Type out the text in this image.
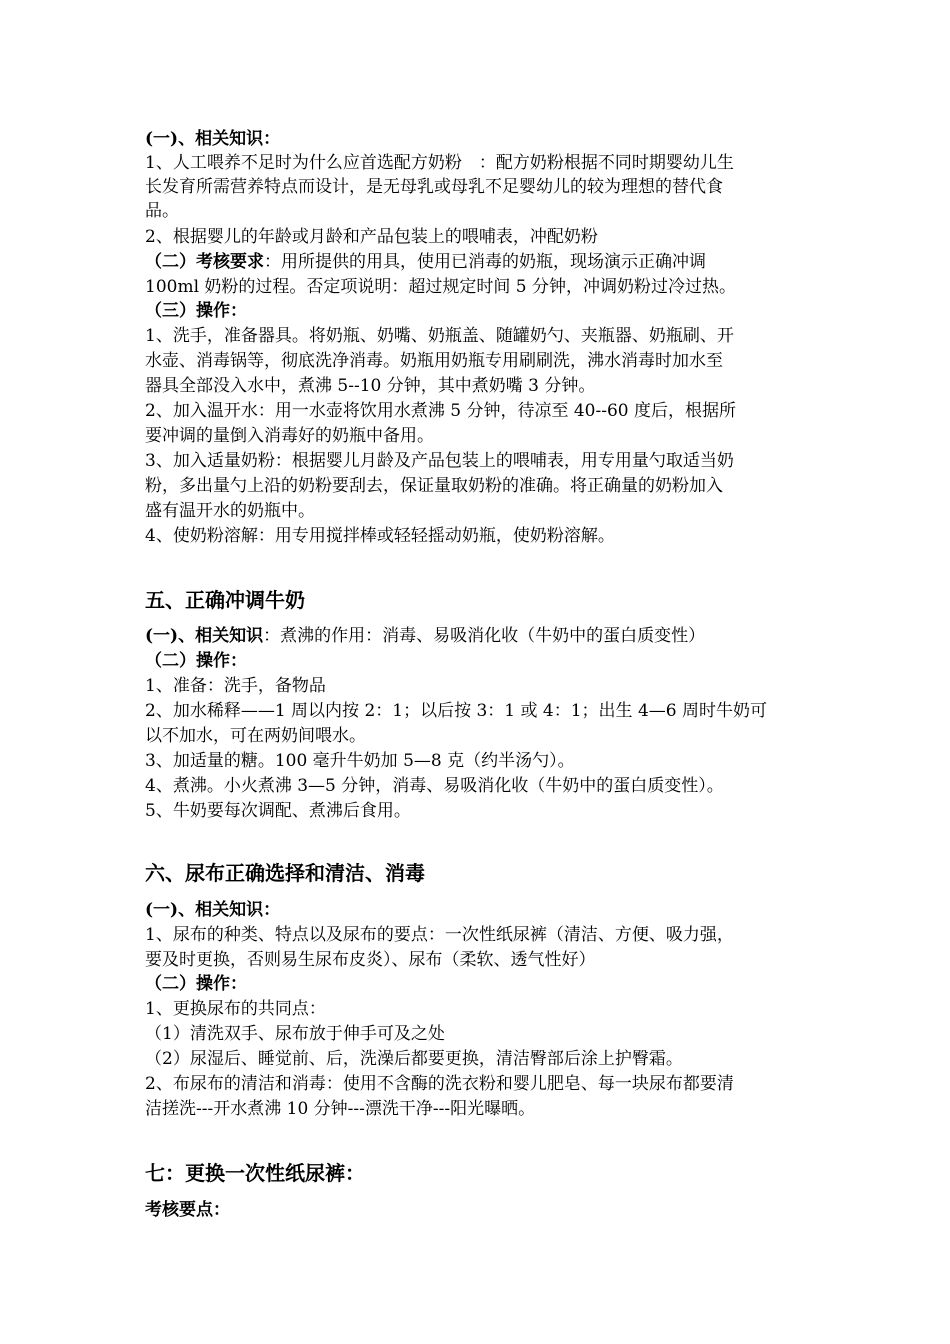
(一)、相关知识：
1、人工喂养不足时为什么应首选配方奶粉　：配方奶粉根据不同时期婴幼儿生
长发育所需营养特点而设计，是无母乳或母乳不足婴幼儿的较为理想的替代食
品。
2、根据婴儿的年龄或月龄和产品包装上的喂哺表，冲配奶粉
（二）考核要求：用所提供的用具，使用已消毒的奶瓶，现场演示正确冲调
100ml 奶粉的过程。否定项说明：超过规定时间 5 分钟，冲调奶粉过冷过热。
（三）操作：
1、洗手，准备器具。将奶瓶、奶嘴、奶瓶盖、随罐奶勺、夹瓶器、奶瓶刷、开
水壶、消毒锅等，彻底洗净消毒。奶瓶用奶瓶专用刷刷洗，沸水消毒时加水至
器具全部没入水中，煮沸 5--10 分钟，其中煮奶嘴 3 分钟。
2、加入温开水：用一水壶将饮用水煮沸 5 分钟，待凉至 40--60 度后，根据所
要冲调的量倒入消毒好的奶瓶中备用。
3、加入适量奶粉：根据婴儿月龄及产品包装上的喂哺表，用专用量勺取适当奶
粉，多出量勺上沿的奶粉要刮去，保证量取奶粉的准确。将正确量的奶粉加入
盛有温开水的奶瓶中。
4、使奶粉溶解：用专用搅拌棒或轻轻摇动奶瓶，使奶粉溶解。
五、正确冲调牛奶
(一)、相关知识：煮沸的作用：消毒、易吸消化收（牛奶中的蛋白质变性）
（二）操作：
1、准备：洗手，备物品
2、加水稀释——1 周以内按 2：1；以后按 3：1 或 4：1；出生 4—6 周时牛奶可
以不加水，可在两奶间喂水。
3、加适量的糖。100 毫升牛奶加 5—8 克（约半汤勺）。
4、煮沸。小火煮沸 3—5 分钟，消毒、易吸消化收（牛奶中的蛋白质变性）。
5、牛奶要每次调配、煮沸后食用。
六、尿布正确选择和清洁、消毒
(一)、相关知识：
1、尿布的种类、特点以及尿布的要点：一次性纸尿裤（清洁、方便、吸力强，
要及时更换，否则易生尿布皮炎）、尿布（柔软、透气性好）
（二）操作：
1、更换尿布的共同点：
（1）清洗双手、尿布放于伸手可及之处
（2）尿湿后、睡觉前、后，洗澡后都要更换，清洁臀部后涂上护臀霜。
2、布尿布的清洁和消毒：使用不含酶的洗衣粉和婴儿肥皂、每一块尿布都要清
洁搓洗---开水煮沸 10 分钟---漂洗干净---阳光曝晒。
七：更换一次性纸尿裤：
考核要点：
